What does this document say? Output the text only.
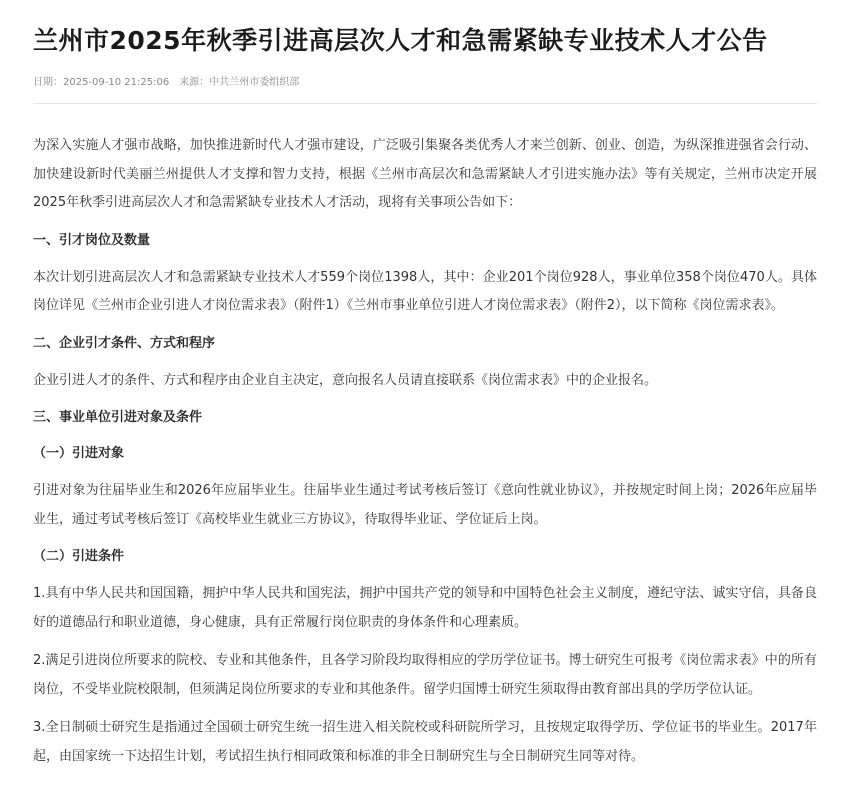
兰州市2025年秋季引进高层次人才和急需紧缺专业技术人才公告
日期：2025-09-10 21:25:06 来源：中共兰州市委组织部

为深入实施人才强市战略，加快推进新时代人才强市建设，广泛吸引集聚各类优秀人才来兰创新、创业、创造，为纵深推进强省会行动、加快建设新时代美丽兰州提供人才支撑和智力支持，根据《兰州市高层次和急需紧缺人才引进实施办法》等有关规定，兰州市决定开展2025年秋季引进高层次人才和急需紧缺专业技术人才活动，现将有关事项公告如下：

一、引才岗位及数量

本次计划引进高层次人才和急需紧缺专业技术人才559个岗位1398人，其中：企业201个岗位928人，事业单位358个岗位470人。具体岗位详见《兰州市企业引进人才岗位需求表》（附件1）《兰州市事业单位引进人才岗位需求表》（附件2），以下简称《岗位需求表》。

二、企业引才条件、方式和程序

企业引进人才的条件、方式和程序由企业自主决定，意向报名人员请直接联系《岗位需求表》中的企业报名。

三、事业单位引进对象及条件
（一）引进对象

引进对象为往届毕业生和2026年应届毕业生。往届毕业生通过考试考核后签订《意向性就业协议》，并按规定时间上岗；2026年应届毕业生，通过考试考核后签订《高校毕业生就业三方协议》，待取得毕业证、学位证后上岗。

（二）引进条件

1.具有中华人民共和国国籍，拥护中华人民共和国宪法，拥护中国共产党的领导和中国特色社会主义制度，遵纪守法、诚实守信，具备良好的道德品行和职业道德，身心健康，具有正常履行岗位职责的身体条件和心理素质。

2.满足引进岗位所要求的院校、专业和其他条件，且各学习阶段均取得相应的学历学位证书。博士研究生可报考《岗位需求表》中的所有岗位，不受毕业院校限制，但须满足岗位所要求的专业和其他条件。留学归国博士研究生须取得由教育部出具的学历学位认证。

3.全日制硕士研究生是指通过全国硕士研究生统一招生进入相关院校或科研院所学习，且按规定取得学历、学位证书的毕业生。2017年起，由国家统一下达招生计划，考试招生执行相同政策和标准的非全日制研究生与全日制研究生同等对待。
